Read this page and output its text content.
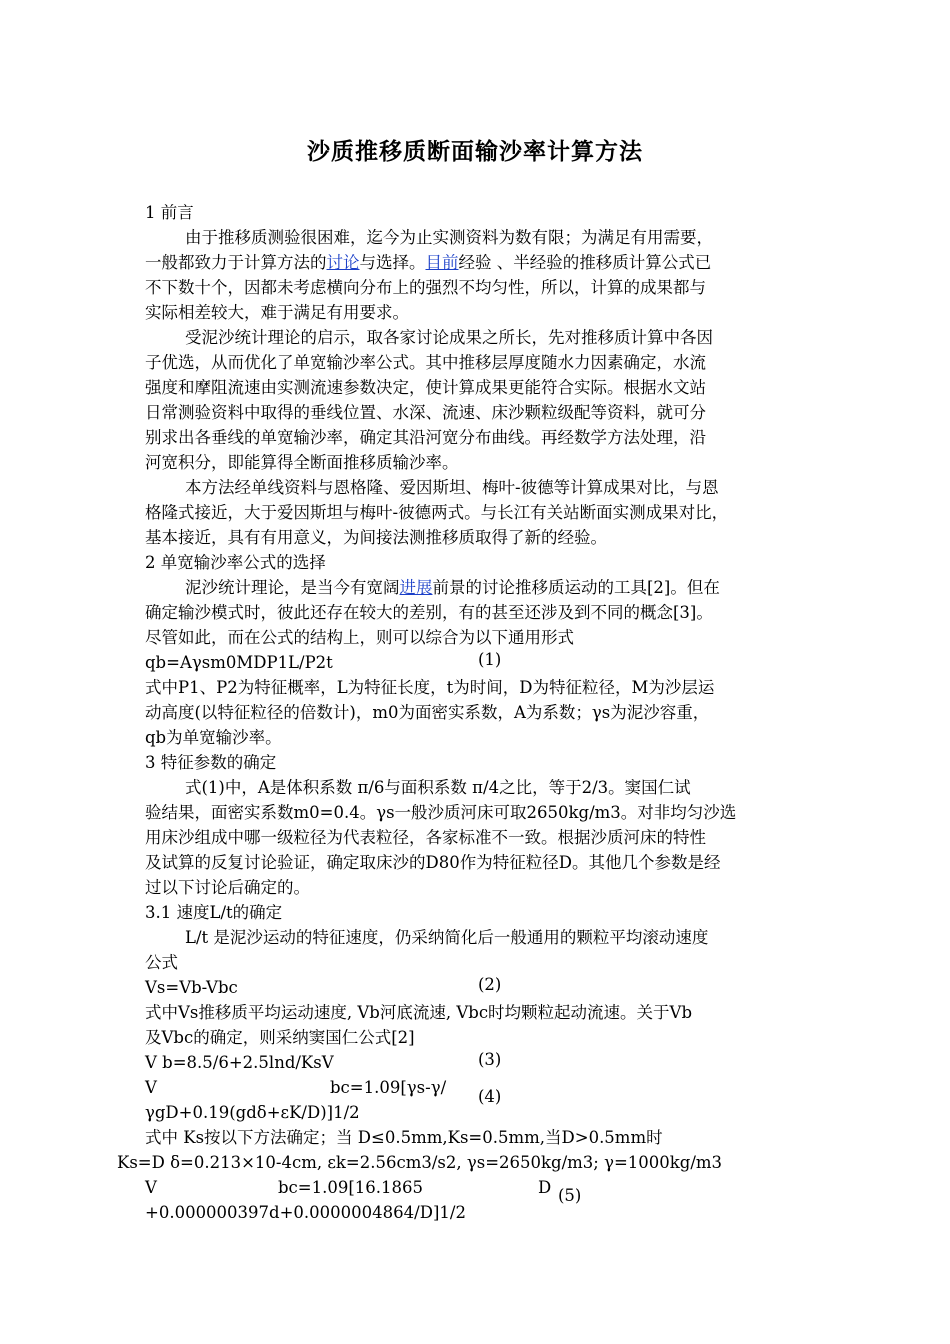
沙质推移质断面输沙率计算方法
1 前言
由于推移质测验很困难，迄今为止实测资料为数有限；为满足有用需要，
一般都致力于计算方法的讨论与选择。目前经验 、半经验的推移质计算公式已
不下数十个，因都未考虑横向分布上的强烈不均匀性，所以，计算的成果都与
实际相差较大，难于满足有用要求。
受泥沙统计理论的启示，取各家讨论成果之所长，先对推移质计算中各因
子优选，从而优化了单宽输沙率公式。其中推移层厚度随水力因素确定，水流
强度和摩阻流速由实测流速参数决定，使计算成果更能符合实际。根据水文站
日常测验资料中取得的垂线位置、水深、流速、床沙颗粒级配等资料，就可分
别求出各垂线的单宽输沙率，确定其沿河宽分布曲线。再经数学方法处理，沿
河宽积分，即能算得全断面推移质输沙率。
本方法经单线资料与恩格隆、爱因斯坦、梅叶-彼德等计算成果对比，与恩
格隆式接近，大于爱因斯坦与梅叶-彼德两式。与长江有关站断面实测成果对比，
基本接近，具有有用意义，为间接法测推移质取得了新的经验。
2 单宽输沙率公式的选择
泥沙统计理论，是当今有宽阔进展前景的讨论推移质运动的工具[2]。但在
确定输沙模式时，彼此还存在较大的差别，有的甚至还涉及到不同的概念[3]。
尽管如此，而在公式的结构上，则可以综合为以下通用形式
qb=Aγsm0MDP1L/P2t	(1)
式中P1、P2为特征概率，L为特征长度，t为时间，D为特征粒径，M为沙层运
动高度(以特征粒径的倍数计)，m0为面密实系数，A为系数；γs为泥沙容重，
qb为单宽输沙率。
3 特征参数的确定
式(1)中，A是体积系数 π/6与面积系数 π/4之比，等于2/3。窦国仁试
验结果，面密实系数m0=0.4。γs一般沙质河床可取2650kg/m3。对非均匀沙选
用床沙组成中哪一级粒径为代表粒径，各家标准不一致。根据沙质河床的特性
及试算的反复讨论验证，确定取床沙的D80作为特征粒径D。其他几个参数是经
过以下讨论后确定的。
3.1 速度L/t的确定
L/t 是泥沙运动的特征速度，仍采纳简化后一般通用的颗粒平均滚动速度
公式
Vs=Vb-Vbc	(2)
式中Vs推移质平均运动速度, Vb河底流速, Vbc时均颗粒起动流速。关于Vb
及Vbc的确定，则采纳窦国仁公式[2]
V b=8.5/6+2.5lnd/KsV	(3)
V	bc=1.09[γs-γ/ (4)
γgD+0.19(gdδ+εK/D)]1/2
式中 Ks按以下方法确定；当 D≤0.5mm,Ks=0.5mm,当D>0.5mm时
Ks=D δ=0.213×10-4cm, εk=2.56cm3/s2, γs=2650kg/m3; γ=1000kg/m3
V	bc=1.09[16.1865	D (5)
+0.000000397d+0.0000004864/D]1/2
